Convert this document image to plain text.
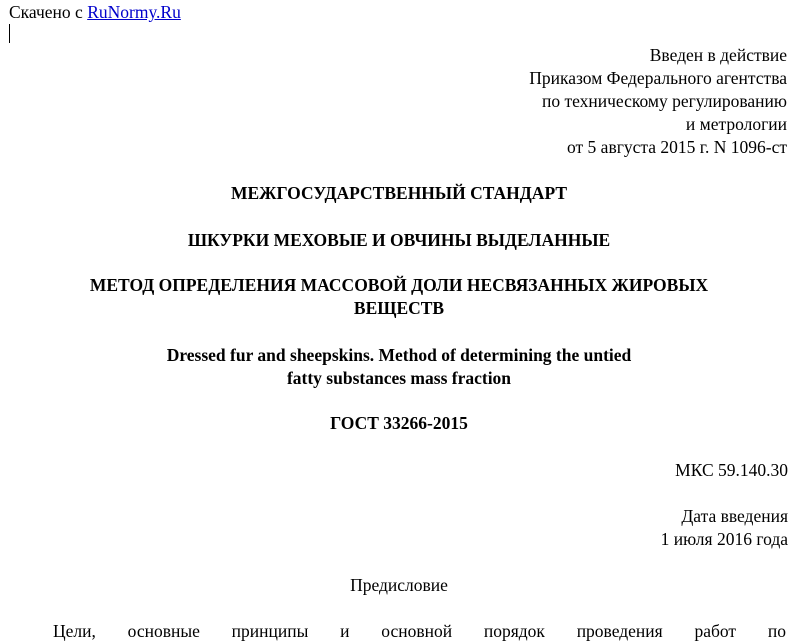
Скачено с RuNormy.Ru
Введен в действие
Приказом Федерального агентства
по техническому регулированию
и метрологии
от 5 августа 2015 г. N 1096-ст
МЕЖГОСУДАРСТВЕННЫЙ СТАНДАРТ
ШКУРКИ МЕХОВЫЕ И ОВЧИНЫ ВЫДЕЛАННЫЕ
МЕТОД ОПРЕДЕЛЕНИЯ МАССОВОЙ ДОЛИ НЕСВЯЗАННЫХ ЖИРОВЫХ
ВЕЩЕСТВ
Dressed fur and sheepskins. Method of determining the untied
fatty substances mass fraction
ГОСТ 33266-2015
МКС 59.140.30
Дата введения
1 июля 2016 года
Предисловие
Цели, основные принципы и основной порядок проведения работ по
